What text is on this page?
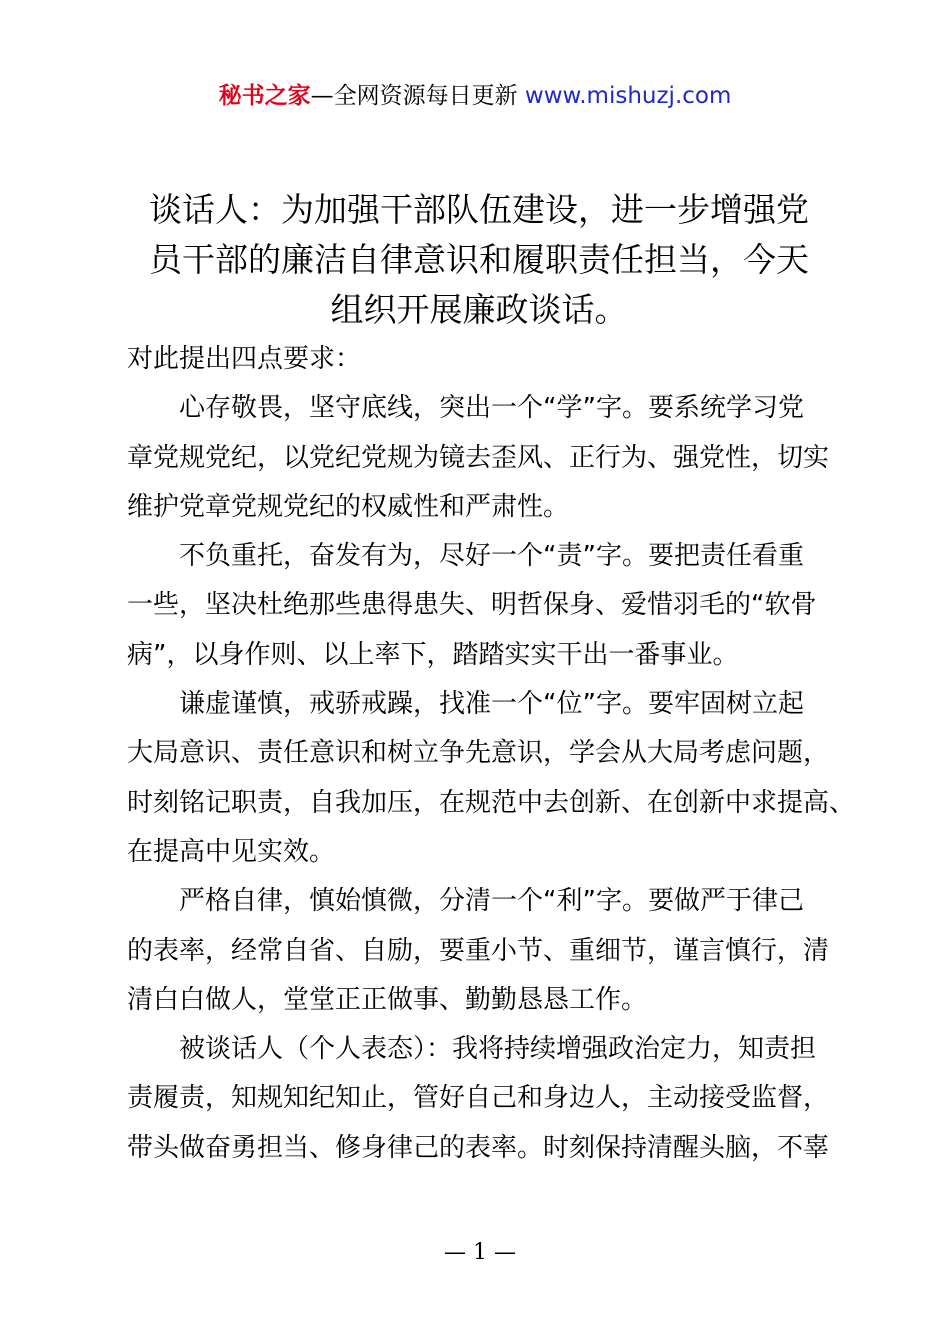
秘书之家—全网资源每日更新 www.mishuzj.com
谈话人：为加强干部队伍建设，进一步增强党
员干部的廉洁自律意识和履职责任担当，今天
组织开展廉政谈话。
对此提出四点要求：
心存敬畏，坚守底线，突出一个“学”字。要系统学习党
章党规党纪，以党纪党规为镜去歪风、正行为、强党性，切实
维护党章党规党纪的权威性和严肃性。
不负重托，奋发有为，尽好一个“责”字。要把责任看重
一些，坚决杜绝那些患得患失、明哲保身、爱惜羽毛的“软骨
病”，以身作则、以上率下，踏踏实实干出一番事业。
谦虚谨慎，戒骄戒躁，找准一个“位”字。要牢固树立起
大局意识、责任意识和树立争先意识，学会从大局考虑问题，
时刻铭记职责，自我加压，在规范中去创新、在创新中求提高、
在提高中见实效。
严格自律，慎始慎微，分清一个“利”字。要做严于律己
的表率，经常自省、自励，要重小节、重细节，谨言慎行，清
清白白做人，堂堂正正做事、勤勤恳恳工作。
被谈话人（个人表态）：我将持续增强政治定力，知责担
责履责，知规知纪知止，管好自己和身边人，主动接受监督，
带头做奋勇担当、修身律己的表率。时刻保持清醒头脑，不辜
— 1 —
